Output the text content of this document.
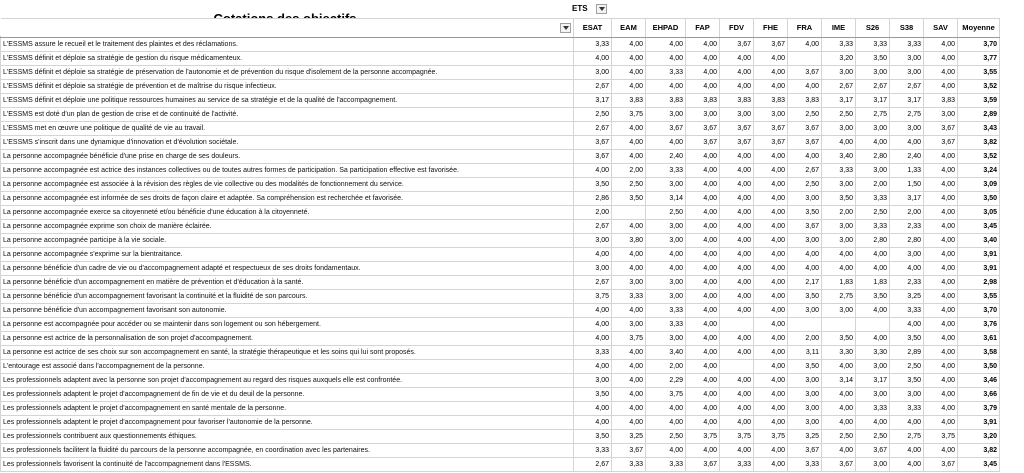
ETS
	ESAT	EAM	EHPAD	FAP	FDV	FHE	FRA	IME	S26	S38	SAV	Moyenne
L'ESSMS assure le recueil et le traitement des plaintes et des réclamations.	3,33	4,00	4,00	4,00	3,67	3,67	4,00	3,33	3,33	3,33	4,00	3,70
L'ESSMS définit et déploie sa stratégie de gestion du risque médicamenteux.	4,00	4,00	4,00	4,00	4,00	4,00		3,20	3,50	3,00	4,00	3,77
L'ESSMS définit et déploie sa stratégie de préservation de l'autonomie et de prévention du risque d'isolement de la personne accompagnée.	3,00	4,00	3,33	4,00	4,00	4,00	3,67	3,00	3,00	3,00	4,00	3,55
L'ESSMS définit et déploie sa stratégie de prévention et de maîtrise du risque infectieux.	2,67	4,00	4,00	4,00	4,00	4,00	4,00	2,67	2,67	2,67	4,00	3,52
L'ESSMS définit et déploie une politique ressources humaines au service de sa stratégie et de la qualité de l'accompagnement.	3,17	3,83	3,83	3,83	3,83	3,83	3,83	3,17	3,17	3,17	3,83	3,59
L'ESSMS est doté d'un plan de gestion de crise et de continuité de l'activité.	2,50	3,75	3,00	3,00	3,00	3,00	2,50	2,50	2,75	2,75	3,00	2,89
L'ESSMS met en œuvre une politique de qualité de vie au travail.	2,67	4,00	3,67	3,67	3,67	3,67	3,67	3,00	3,00	3,00	3,67	3,43
L'ESSMS s'inscrit dans une dynamique d'innovation et d'évolution sociétale.	3,67	4,00	4,00	3,67	3,67	3,67	3,67	4,00	4,00	4,00	3,67	3,82
La personne accompagnée bénéficie d'une prise en charge de ses douleurs.	3,67	4,00	2,40	4,00	4,00	4,00	4,00	3,40	2,80	2,40	4,00	3,52
La personne accompagnée est actrice des instances collectives ou de toutes autres formes de participation. Sa participation effective est favorisée.	4,00	2,00	3,33	4,00	4,00	4,00	2,67	3,33	3,00	1,33	4,00	3,24
La personne accompagnée est associée à la révision des règles de vie collective ou des modalités de fonctionnement du service.	3,50	2,50	3,00	4,00	4,00	4,00	2,50	3,00	2,00	1,50	4,00	3,09
La personne accompagnée est informée de ses droits de façon claire et adaptée. Sa compréhension est recherchée et favorisée.	2,86	3,50	3,14	4,00	4,00	4,00	3,00	3,50	3,33	3,17	4,00	3,50
La personne accompagnée exerce sa citoyenneté et/ou bénéficie d'une éducation à la citoyenneté.	2,00		2,50	4,00	4,00	4,00	3,50	2,00	2,50	2,00	4,00	3,05
La personne accompagnée exprime son choix de manière éclairée.	2,67	4,00	3,00	4,00	4,00	4,00	3,67	3,00	3,33	2,33	4,00	3,45
La personne accompagnée participe à la vie sociale.	3,00	3,80	3,00	4,00	4,00	4,00	3,00	3,00	2,80	2,80	4,00	3,40
La personne accompagnée s'exprime sur la bientraitance.	4,00	4,00	4,00	4,00	4,00	4,00	4,00	4,00	4,00	3,00	4,00	3,91
La personne bénéficie d'un cadre de vie ou d'accompagnement adapté et respectueux de ses droits fondamentaux.	3,00	4,00	4,00	4,00	4,00	4,00	4,00	4,00	4,00	4,00	4,00	3,91
La personne bénéficie d'un accompagnement en matière de prévention et d'éducation à la santé.	2,67	3,00	3,00	4,00	4,00	4,00	2,17	1,83	1,83	2,33	4,00	2,98
La personne bénéficie d'un accompagnement favorisant la continuité et la fluidité de son parcours.	3,75	3,33	3,00	4,00	4,00	4,00	3,50	2,75	3,50	3,25	4,00	3,55
La personne bénéficie d'un accompagnement favorisant son autonomie.	4,00	4,00	3,33	4,00	4,00	4,00	3,00	3,00	4,00	3,33	4,00	3,70
La personne est accompagnée pour accéder ou se maintenir dans son logement ou son hébergement.	4,00	3,00	3,33	4,00		4,00				4,00	4,00	3,76
La personne est actrice de la personnalisation de son projet d'accompagnement.	4,00	3,75	3,00	4,00	4,00	4,00	2,00	3,50	4,00	3,50	4,00	3,61
La personne est actrice de ses choix sur son accompagnement en santé, la stratégie thérapeutique et les soins qui lui sont proposés.	3,33	4,00	3,40	4,00	4,00	4,00	3,11	3,30	3,30	2,89	4,00	3,58
L'entourage est associé dans l'accompagnement de la personne.	4,00	4,00	2,00	4,00		4,00	3,50	4,00	3,00	2,50	4,00	3,50
Les professionnels adaptent avec la personne son projet d'accompagnement au regard des risques auxquels elle est confrontée.	3,00	4,00	2,29	4,00	4,00	4,00	3,00	3,14	3,17	3,50	4,00	3,46
Les professionnels adaptent le projet d'accompagnement de fin de vie et du deuil de la personne.	3,50	4,00	3,75	4,00	4,00	4,00	3,00	4,00	3,00	3,00	4,00	3,66
Les professionnels adaptent le projet d'accompagnement en santé mentale de la personne.	4,00	4,00	4,00	4,00	4,00	4,00	3,00	4,00	3,33	3,33	4,00	3,79
Les professionnels adaptent le projet d'accompagnement pour favoriser l'autonomie de la personne.	4,00	4,00	4,00	4,00	4,00	4,00	3,00	4,00	4,00	4,00	4,00	3,91
Les professionnels contribuent aux questionnements éthiques.	3,50	3,25	2,50	3,75	3,75	3,75	3,25	2,50	2,50	2,75	3,75	3,20
Les professionnels facilitent la fluidité du parcours de la personne accompagnée, en coordination avec les partenaires.	3,33	3,67	4,00	4,00	4,00	4,00	3,67	4,00	3,67	4,00	4,00	3,82
Les professionnels favorisent la continuité de l'accompagnement dans l'ESSMS.	2,67	3,33	3,33	3,67	3,33	4,00	3,33	3,67	3,00	4,00	3,67	3,45
